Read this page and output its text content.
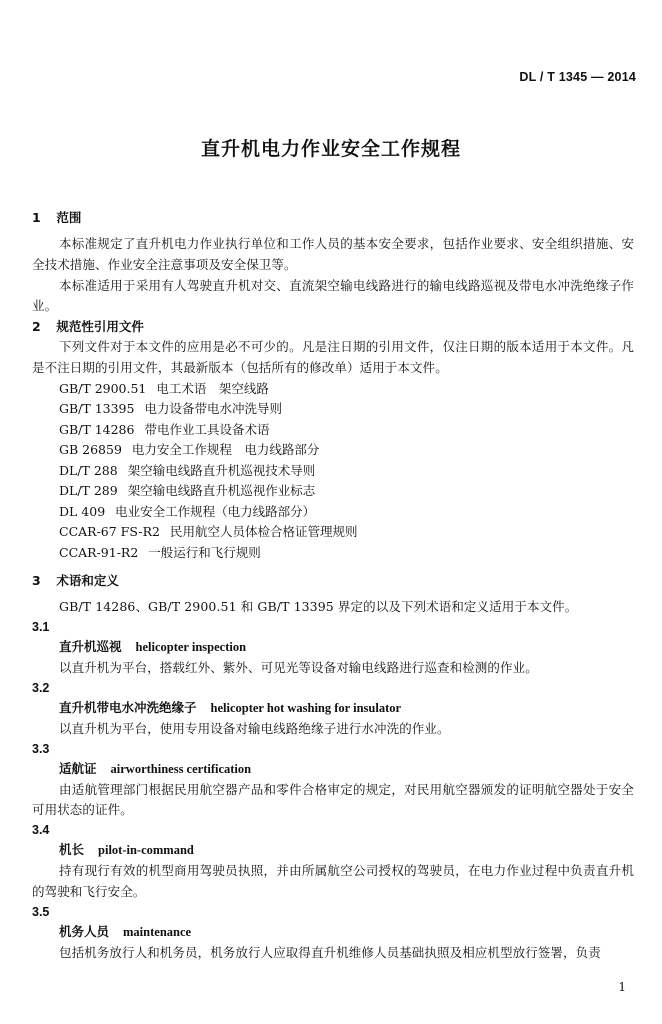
DL / T 1345 — 2014
直升机电力作业安全工作规程
1 范围
本标准规定了直升机电力作业执行单位和工作人员的基本安全要求，包括作业要求、安全组织措施、安全技术措施、作业安全注意事项及安全保卫等。
本标准适用于采用有人驾驶直升机对交、直流架空输电线路进行的输电线路巡视及带电水冲洗绝缘子作业。
2 规范性引用文件
下列文件对于本文件的应用是必不可少的。凡是注日期的引用文件，仅注日期的版本适用于本文件。凡是不注日期的引用文件，其最新版本（包括所有的修改单）适用于本文件。
GB/T 2900.51 电工术语　架空线路
GB/T 13395 电力设备带电水冲洗导则
GB/T 14286 带电作业工具设备术语
GB 26859 电力安全工作规程　电力线路部分
DL/T 288 架空输电线路直升机巡视技术导则
DL/T 289 架空输电线路直升机巡视作业标志
DL 409 电业安全工作规程（电力线路部分）
CCAR-67 FS-R2 民用航空人员体检合格证管理规则
CCAR-91-R2 一般运行和飞行规则
3 术语和定义
GB/T 14286、GB/T 2900.51 和 GB/T 13395 界定的以及下列术语和定义适用于本文件。
3.1
直升机巡视 helicopter inspection
以直升机为平台，搭载红外、紫外、可见光等设备对输电线路进行巡查和检测的作业。
3.2
直升机带电水冲洗绝缘子 helicopter hot washing for insulator
以直升机为平台，使用专用设备对输电线路绝缘子进行水冲洗的作业。
3.3
适航证 airworthiness certification
由适航管理部门根据民用航空器产品和零件合格审定的规定，对民用航空器颁发的证明航空器处于安全可用状态的证件。
3.4
机长 pilot-in-command
持有现行有效的机型商用驾驶员执照，并由所属航空公司授权的驾驶员，在电力作业过程中负责直升机的驾驶和飞行安全。
3.5
机务人员 maintenance
包括机务放行人和机务员，机务放行人应取得直升机维修人员基础执照及相应机型放行签署，负责
1
